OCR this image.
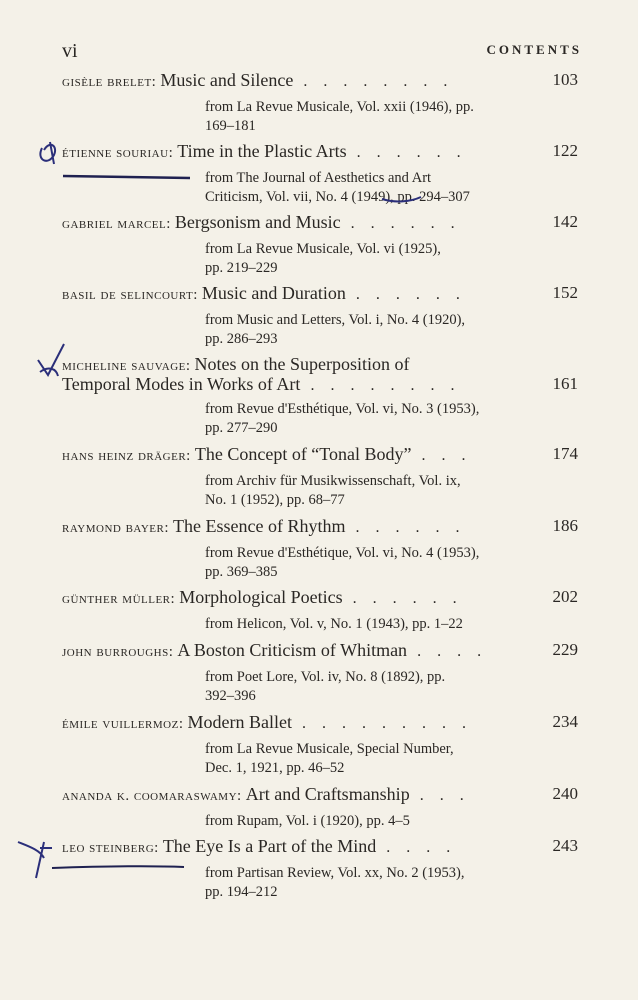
vi	CONTENTS
gisèle brelet: Music and Silence . . . . . . . .	103
from La Revue Musicale, Vol. xxii (1946), pp.
169–181
étienne souriau: Time in the Plastic Arts . . . . . .	122
from The Journal of Aesthetics and Art
Criticism, Vol. vii, No. 4 (1949), pp. 294–307
gabriel marcel: Bergsonism and Music . . . . . .	142
from La Revue Musicale, Vol. vi (1925),
pp. 219–229
basil de selincourt: Music and Duration . . . . . .	152
from Music and Letters, Vol. i, No. 4 (1920),
pp. 286–293
micheline sauvage: Notes on the Superposition of
Temporal Modes in Works of Art . . . . . . . .	161
from Revue d'Esthétique, Vol. vi, No. 3 (1953),
pp. 277–290
hans heinz dräger: The Concept of “Tonal Body” . . .	174
from Archiv für Musikwissenschaft, Vol. ix,
No. 1 (1952), pp. 68–77
raymond bayer: The Essence of Rhythm . . . . . .	186
from Revue d'Esthétique, Vol. vi, No. 4 (1953),
pp. 369–385
günther müller: Morphological Poetics . . . . . .	202
from Helicon, Vol. v, No. 1 (1943), pp. 1–22
john burroughs: A Boston Criticism of Whitman . . . .	229
from Poet Lore, Vol. iv, No. 8 (1892), pp.
392–396
émile vuillermoz: Modern Ballet . . . . . . . . .	234
from La Revue Musicale, Special Number,
Dec. 1, 1921, pp. 46–52
ananda k. coomaraswamy: Art and Craftsmanship . . .	240
from Rupam, Vol. i (1920), pp. 4–5
leo steinberg: The Eye Is a Part of the Mind . . . .	243
from Partisan Review, Vol. xx, No. 2 (1953),
pp. 194–212
